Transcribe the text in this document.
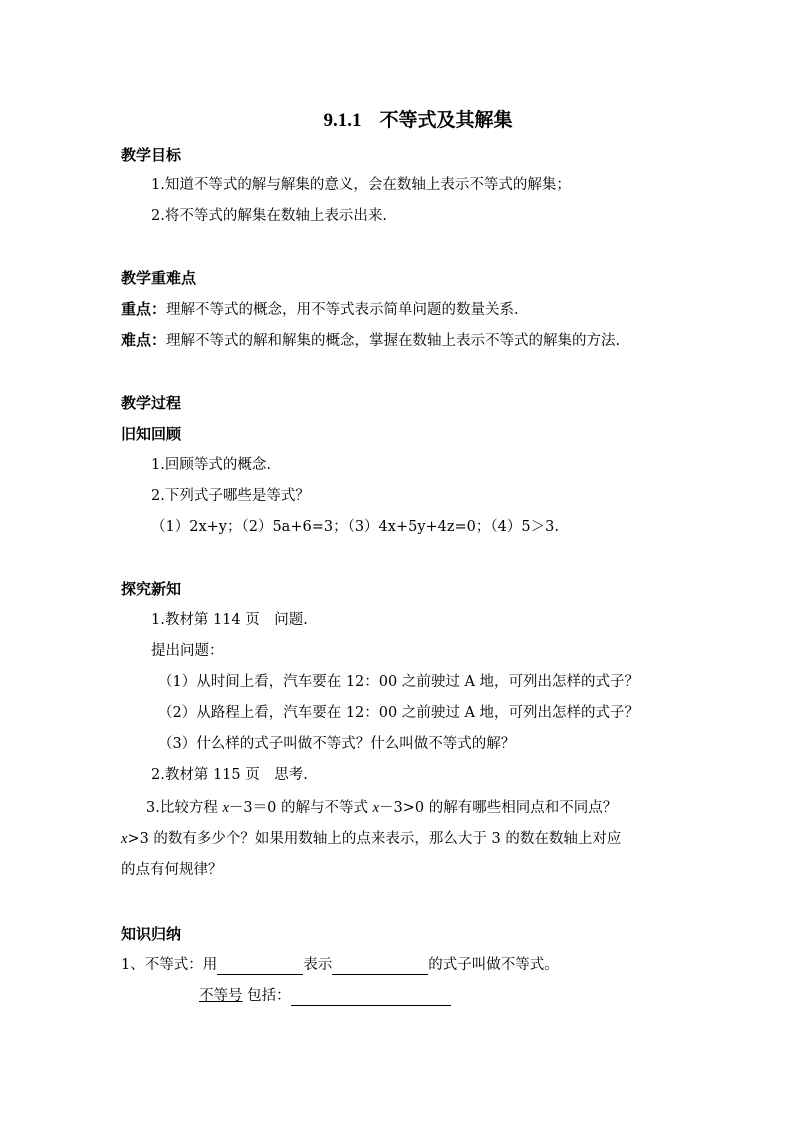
9.1.1 不等式及其解集
教学目标
1.知道不等式的解与解集的意义，会在数轴上表示不等式的解集；
2.将不等式的解集在数轴上表示出来.
教学重难点
重点：理解不等式的概念，用不等式表示简单问题的数量关系.
难点：理解不等式的解和解集的概念，掌握在数轴上表示不等式的解集的方法.
教学过程
旧知回顾
1.回顾等式的概念.
2.下列式子哪些是等式？
（1）2x+y；（2）5a+6=3；（3）4x+5y+4z=0；（4）5＞3.
探究新知
1.教材第 114 页　问题.
提出问题：
（1）从时间上看，汽车要在 12：00 之前驶过 A 地，可列出怎样的式子？
（2）从路程上看，汽车要在 12：00 之前驶过 A 地，可列出怎样的式子？
（3）什么样的式子叫做不等式？什么叫做不等式的解？
2.教材第 115 页　思考.
3.比较方程 x－3＝0 的解与不等式 x－3>0 的解有哪些相同点和不同点？
x>3 的数有多少个？如果用数轴上的点来表示，那么大于 3 的数在数轴上对应
的点有何规律？
知识归纳
1、不等式：用	表示	的式子叫做不等式。
不等号 包括：
